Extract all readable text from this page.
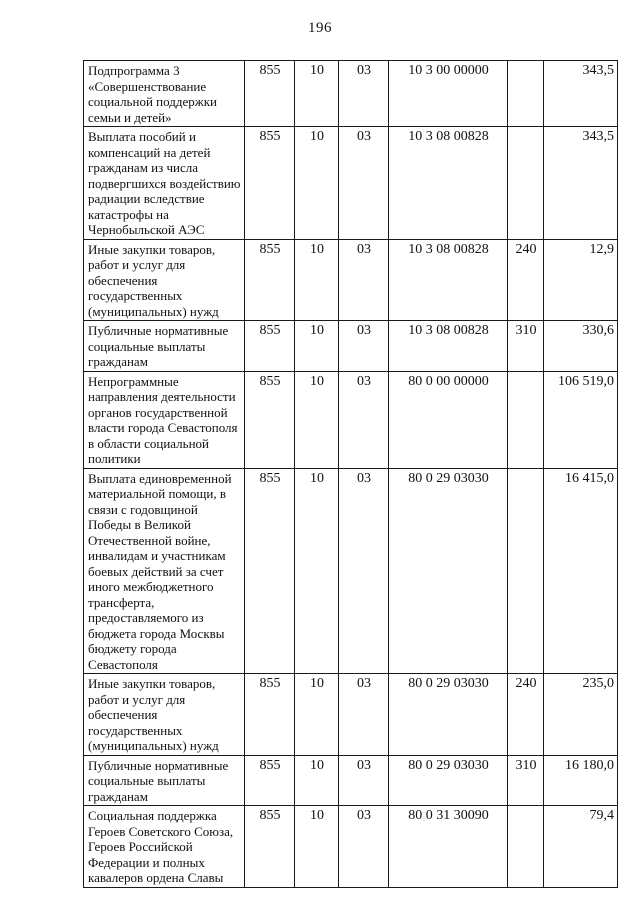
196
Подпрограмма 3 «Совершенствование социальной поддержки семьи и детей»	855	10	03	10 3 00 00000		343,5
Выплата пособий и компенсаций на детей гражданам из числа подвергшихся воздействию радиации вследствие катастрофы на Чернобыльской АЭС	855	10	03	10 3 08 00828		343,5
Иные закупки товаров, работ и услуг для обеспечения государственных (муниципальных) нужд	855	10	03	10 3 08 00828	240	12,9
Публичные нормативные социальные выплаты гражданам	855	10	03	10 3 08 00828	310	330,6
Непрограммные направления деятельности органов государственной власти города Севастополя в области социальной политики	855	10	03	80 0 00 00000		106 519,0
Выплата единовременной материальной помощи, в связи с годовщиной Победы в Великой Отечественной войне, инвалидам и участникам боевых действий за счет иного межбюджетного трансферта, предоставляемого из бюджета города Москвы бюджету города Севастополя	855	10	03	80 0 29 03030		16 415,0
Иные закупки товаров, работ и услуг для обеспечения государственных (муниципальных) нужд	855	10	03	80 0 29 03030	240	235,0
Публичные нормативные социальные выплаты гражданам	855	10	03	80 0 29 03030	310	16 180,0
Социальная поддержка Героев Советского Союза, Героев Российской Федерации и полных кавалеров ордена Славы	855	10	03	80 0 31 30090		79,4
